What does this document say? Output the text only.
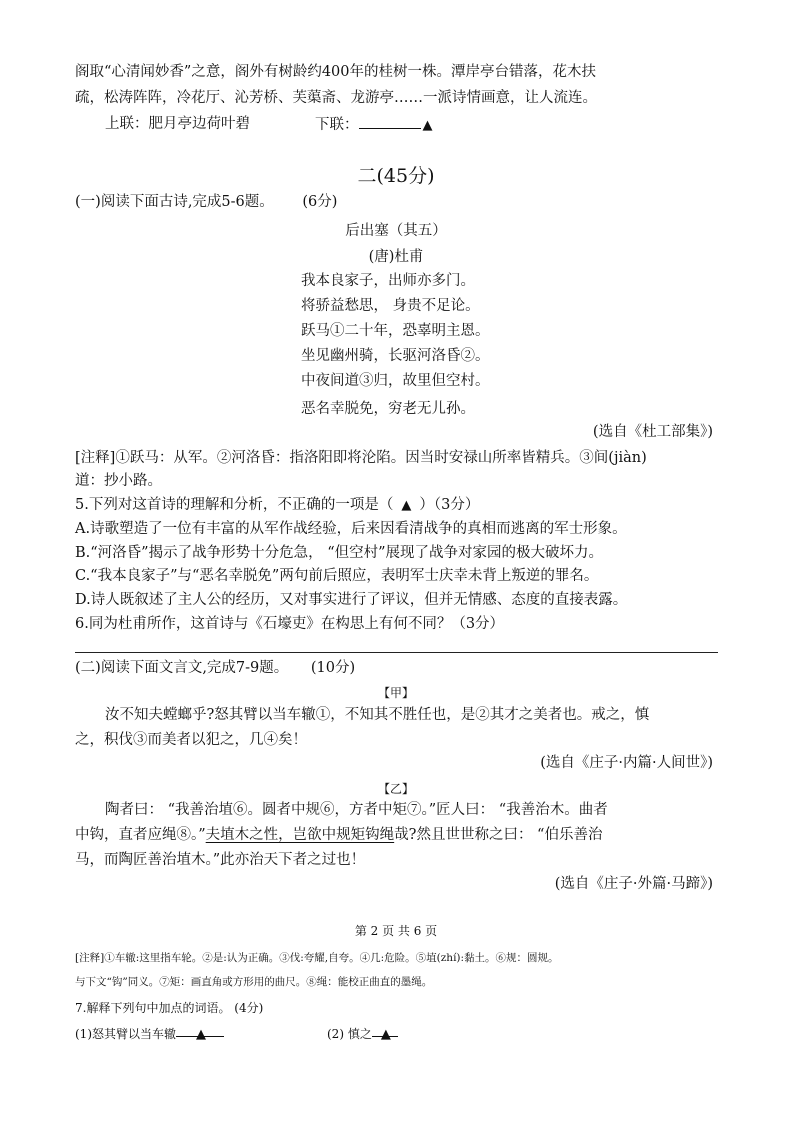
阁取“心清闻妙香”之意，阁外有树龄约400年的桂树一株。潭岸亭台错落，花木扶
疏，松涛阵阵，冷花厅、沁芳桥、芙蕖斋、龙游亭……一派诗情画意，让人流连。
上联：肥月亭边荷叶碧	下联：	▲
二(45分)
(一)阅读下面古诗,完成5-6题。 (6分)
后出塞（其五）
(唐)杜甫
我本良家子，出师亦多门。
将骄益愁思， 身贵不足论。
跃马①二十年，恐辜明主恩。
坐见幽州骑，长驱河洛昏②。
中夜间道③归，故里但空村。
恶名幸脱免，穷老无儿孙。
(选自《杜工部集》)
[注释]①跃马：从军。②河洛昏：指洛阳即将沦陷。因当时安禄山所率皆精兵。③间(jiàn)
道：抄小路。
5.下列对这首诗的理解和分析，不正确的一项是（ ▲ ）（3分）
A.诗歌塑造了一位有丰富的从军作战经验，后来因看清战争的真相而逃离的军士形象。
B.“河洛昏”揭示了战争形势十分危急， “但空村”展现了战争对家园的极大破坏力。
C.“我本良家子”与“恶名幸脱免”两句前后照应，表明军士庆幸未背上叛逆的罪名。
D.诗人既叙述了主人公的经历，又对事实进行了评议，但并无情感、态度的直接表露。
6.同为杜甫所作，这首诗与《石壕吏》在构思上有何不同？（3分）
(二)阅读下面文言文,完成7-9题。 (10分)
【甲】
汝不知夫螳螂乎?怒其臂以当车辙①，不知其不胜任也，是②其才之美者也。戒之，慎
之，积伐③而美者以犯之，几④矣！
(选自《庄子·内篇·人间世》)
【乙】
陶者曰： “我善治埴⑥。圆者中规⑥，方者中矩⑦。”匠人曰： “我善治木。曲者
中钩，直者应绳⑧。”夫埴木之性，岂欲中规矩钩绳哉?然且世世称之曰： “伯乐善治
马，而陶匠善治埴木。”此亦治天下者之过也！
(选自《庄子·外篇·马蹄》)
第 2 页 共 6 页
[注释]①车辙:这里指车轮。②是:认为正确。③伐:夸耀,自夸。④几:危险。⑤埴(zhí):黏土。⑥规：圆规。
与下文“钩”同义。⑦矩：画直角或方形用的曲尺。⑧绳：能校正曲直的墨绳。
7.解释下列句中加点的词语。 (4分)
(1)怒其臂以当车辙 ▲	(2) 慎之 ▲
